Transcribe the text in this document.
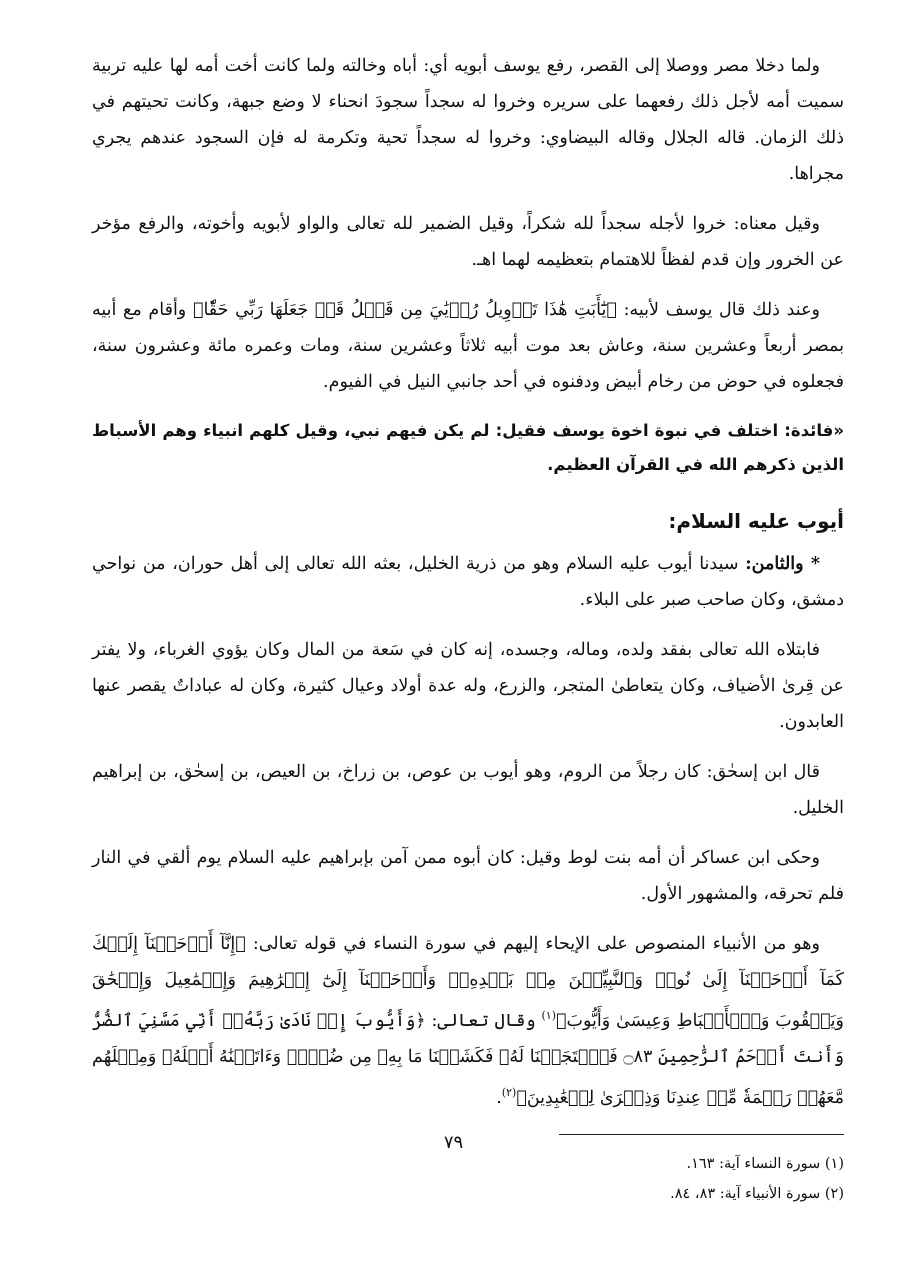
ولما دخلا مصر ووصلا إلى القصر، رفع يوسف أبويه أي: أباه وخالته ولما كانت أخت أمه لها عليه تربية سميت أمه لأجل ذلك رفعهما على سريره وخروا له سجداً سجودَ انحناء لا وضع جبهة، وكانت تحيتهم في ذلك الزمان. قاله الجلال وقاله البيضاوي: وخروا له سجداً تحية وتكرمة له فإن السجود عندهم يجري مجراها.

وقيل معناه: خروا لأجله سجداً لله شكراً، وقيل الضمير لله تعالى والواو لأبويه وأخوته، والرفع مؤخر عن الخرور وإن قدم لفظاً للاهتمام بتعظيمه لهما اهـ.

وعند ذلك قال يوسف لأبيه: ﴿يَٰٓأَبَتِ هَٰذَا تَأۡوِيلُ رُءۡيَٰيَ مِن قَبۡلُ قَدۡ جَعَلَهَا رَبِّي حَقّٗا﴾ وأقام مع أبيه بمصر أربعاً وعشرين سنة، وعاش بعد موت أبيه ثلاثاً وعشرين سنة، ومات وعمره مائة وعشرون سنة، فجعلوه في حوض من رخام أبيض ودفنوه في أحد جانبي النيل في الفيوم.

«فائدة: اختلف في نبوة اخوة يوسف فقيل: لم يكن فيهم نبي، وقيل كلهم انبياء وهم الأسباط الذين ذكرهم الله في القرآن العظيم.

أيوب عليه السلام:

* والثامن: سيدنا أيوب عليه السلام وهو من ذرية الخليل، بعثه الله تعالى إلى أهل حوران، من نواحي دمشق، وكان صاحب صبر على البلاء.

فابتلاه الله تعالى بفقد ولده، وماله، وجسده، إنه كان في سَعة من المال وكان يؤوي الغرباء، ولا يفتر عن قِرىٰ الأضياف، وكان يتعاطىٰ المتجر، والزرع، وله عدة أولاد وعيال كثيرة، وكان له عباداتٌ يقصر عنها العابدون.

قال ابن إسحٰق: كان رجلاً من الروم، وهو أيوب بن عوص، بن زراخ، بن العيص، بن إسحٰق، بن إبراهيم الخليل.

وحكى ابن عساكر أن أمه بنت لوط وقيل: كان أبوه ممن آمن بإبراهيم عليه السلام يوم ألقي في النار فلم تحرقه، والمشهور الأول.

وهو من الأنبياء المنصوص على الإيحاء إليهم في سورة النساء في قوله تعالى: ﴿إِنَّآ أَوۡحَيۡنَآ إِلَيۡكَ كَمَآ أَوۡحَيۡنَآ إِلَىٰ نُوحٖ وَٱلنَّبِيِّـۧنَ مِنۢ بَعۡدِهِۦۚ وَأَوۡحَيۡنَآ إِلَىٰٓ إِبۡرَٰهِيمَ وَإِسۡمَٰعِيلَ وَإِسۡحَٰقَ وَيَعۡقُوبَ وَٱلۡأَسۡبَاطِ وَعِيسَىٰ وَأَيُّوبَ﴾$^{(١)}$ وقال تعالى: ﴿وَأَيُّوبَ إِذۡ نَادَىٰ رَبَّهُۥٓ أَنِّي مَسَّنِيَ ٱلضُّرُّ وَأَنتَ أَرۡحَمُ ٱلرَّٰحِمِينَ ۝٨٣ فَٱسۡتَجَبۡنَا لَهُۥ فَكَشَفۡنَا مَا بِهِۦ مِن ضُرّٖۖ وَءَاتَيۡنَٰهُ أَهۡلَهُۥ وَمِثۡلَهُم مَّعَهُمۡ رَحۡمَةٗ مِّنۡ عِندِنَا وَذِكۡرَىٰ لِلۡعَٰبِدِينَ﴾$^{(٢)}$.

(١) سورة النساء آية: ١٦٣.

(٢) سورة الأنبياء آية: ٨٣، ٨٤.

٧٩
